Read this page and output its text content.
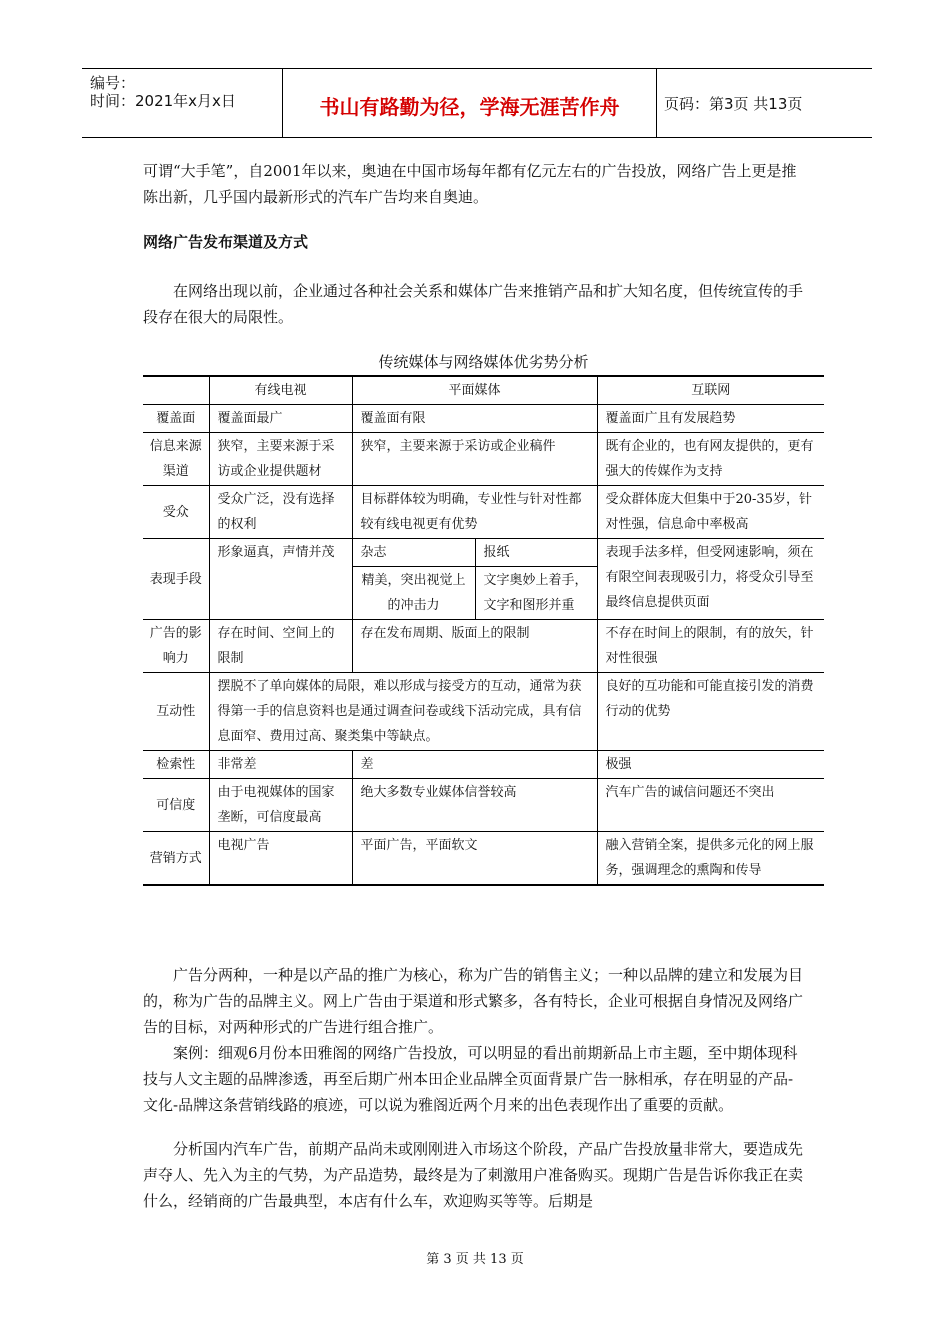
编号：
时间：2021年x月x日	书山有路勤为径，学海无涯苦作舟	页码：第3页 共13页

可谓“大手笔”，自2001年以来，奥迪在中国市场每年都有亿元左右的广告投放，网络广告上更是推陈出新，几乎国内最新形式的汽车广告均来自奥迪。

网络广告发布渠道及方式

在网络出现以前，企业通过各种社会关系和媒体广告来推销产品和扩大知名度，但传统宣传的手段存在很大的局限性。

传统媒体与网络媒体优劣势分析
	有线电视	平面媒体		互联网
覆盖面	覆盖面最广	覆盖面有限		覆盖面广且有发展趋势
信息来源渠道	狭窄，主要来源于采访或企业提供题材	狭窄，主要来源于采访或企业稿件		既有企业的，也有网友提供的，更有强大的传媒作为支持
受众	受众广泛，没有选择的权利	目标群体较为明确，专业性与针对性都较有线电视更有优势		受众群体庞大但集中于20-35岁，针对性强，信息命中率极高
表现手段	形象逼真，声情并茂	杂志	报纸	表现手法多样，但受网速影响，须在有限空间表现吸引力，将受众引导至最终信息提供页面
		精美，突出视觉上的冲击力	文字奥妙上着手，文字和图形并重	
广告的影响力	存在时间、空间上的限制	存在发布周期、版面上的限制		不存在时间上的限制，有的放矢，针对性很强
互动性	摆脱不了单向媒体的局限，难以形成与接受方的互动，通常为获得第一手的信息资料也是通过调查问卷或线下活动完成，具有信息面窄、费用过高、聚类集中等缺点。			良好的互功能和可能直接引发的消费行动的优势
检索性	非常差	差		极强
可信度	由于电视媒体的国家垄断，可信度最高	绝大多数专业媒体信誉较高		汽车广告的诚信问题还不突出
营销方式	电视广告	平面广告，平面软文		融入营销全案，提供多元化的网上服务，强调理念的熏陶和传导

广告分两种，一种是以产品的推广为核心，称为广告的销售主义；一种以品牌的建立和发展为目的，称为广告的品牌主义。网上广告由于渠道和形式繁多，各有特长，企业可根据自身情况及网络广告的目标，对两种形式的广告进行组合推广。

案例：细观6月份本田雅阁的网络广告投放，可以明显的看出前期新品上市主题，至中期体现科技与人文主题的品牌渗透，再至后期广州本田企业品牌全页面背景广告一脉相承，存在明显的产品-文化-品牌这条营销线路的痕迹，可以说为雅阁近两个月来的出色表现作出了重要的贡献。

分析国内汽车广告，前期产品尚未或刚刚进入市场这个阶段，产品广告投放量非常大，要造成先声夺人、先入为主的气势，为产品造势，最终是为了刺激用户准备购买。现期广告是告诉你我正在卖什么，经销商的广告最典型，本店有什么车，欢迎购买等等。后期是

第 3 页 共 13 页
